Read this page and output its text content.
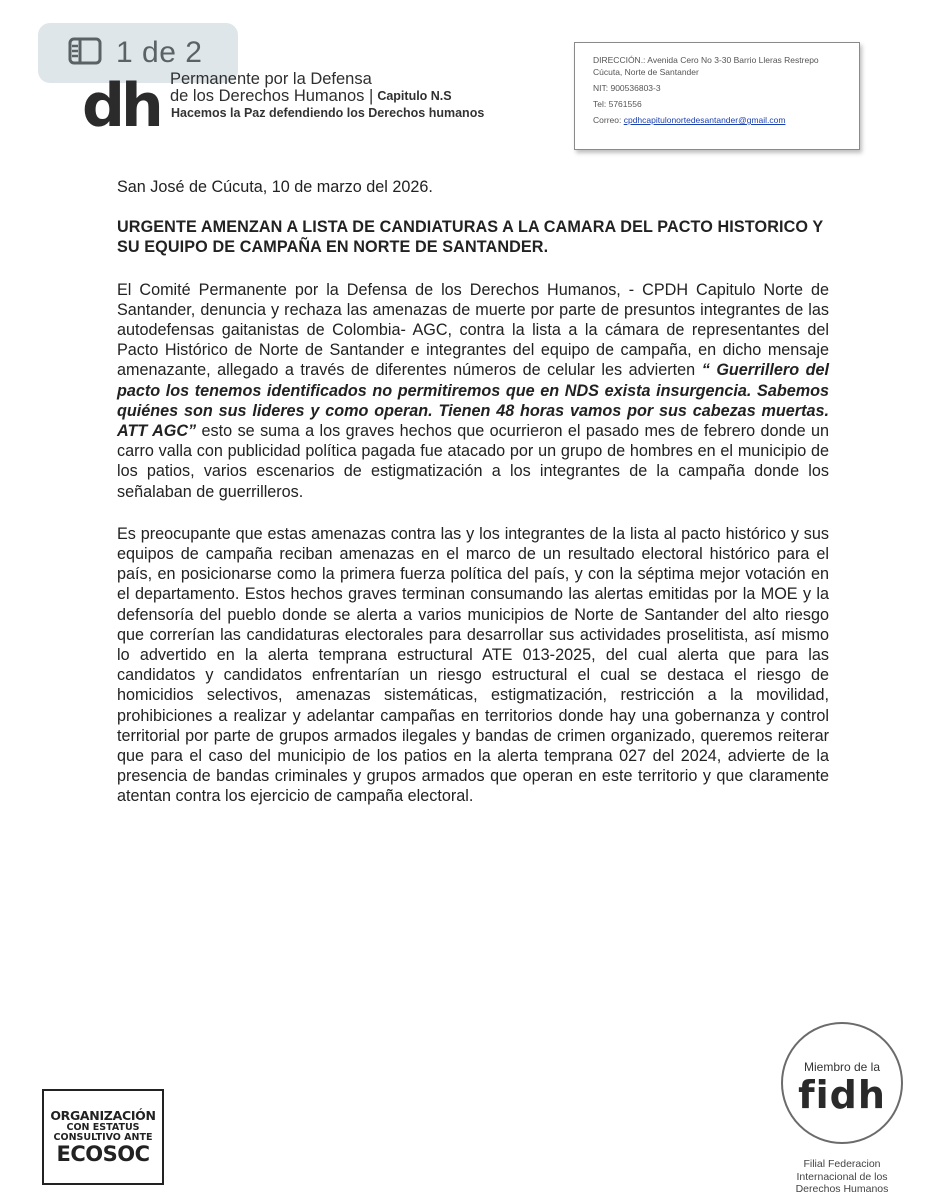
1 de 2
dh Permanente por la Defensa
de los Derechos Humanos | Capitulo N.S
Hacemos la Paz defendiendo los Derechos humanos
DIRECCIÓN.: Avenida Cero No 3-30 Barrio Lleras Restrepo
Cúcuta, Norte de Santander
NIT: 900536803-3
Tel: 5761556
Correo: cpdhcapitulonortedesantander@gmail.com

San José de Cúcuta, 10 de marzo del 2026.

URGENTE AMENZAN A LISTA DE CANDIATURAS A LA CAMARA DEL PACTO HISTORICO Y SU EQUIPO DE CAMPAÑA EN NORTE DE SANTANDER.

El Comité Permanente por la Defensa de los Derechos Humanos, - CPDH Capitulo Norte de Santander, denuncia y rechaza las amenazas de muerte por parte de presuntos integrantes de las autodefensas gaitanistas de Colombia- AGC, contra la lista a la cámara de representantes del Pacto Histórico de Norte de Santander e integrantes del equipo de campaña, en dicho mensaje amenazante, allegado a través de diferentes números de celular les advierten “ Guerrillero del pacto los tenemos identificados no permitiremos que en NDS exista insurgencia. Sabemos quiénes son sus lideres y como operan. Tienen 48 horas vamos por sus cabezas muertas. ATT AGC” esto se suma a los graves hechos que ocurrieron el pasado mes de febrero donde un carro valla con publicidad política pagada fue atacado por un grupo de hombres en el municipio de los patios, varios escenarios de estigmatización a los integrantes de la campaña donde los señalaban de guerrilleros.

Es preocupante que estas amenazas contra las y los integrantes de la lista al pacto histórico y sus equipos de campaña reciban amenazas en el marco de un resultado electoral histórico para el país, en posicionarse como la primera fuerza política del país, y con la séptima mejor votación en el departamento. Estos hechos graves terminan consumando las alertas emitidas por la MOE y la defensoría del pueblo donde se alerta a varios municipios de Norte de Santander del alto riesgo que correrían las candidaturas electorales para desarrollar sus actividades proselitista, así mismo lo advertido en la alerta temprana estructural ATE 013-2025, del cual alerta que para las candidatos y candidatos enfrentarían un riesgo estructural el cual se destaca el riesgo de homicidios selectivos, amenazas sistemáticas, estigmatización, restricción a la movilidad, prohibiciones a realizar y adelantar campañas en territorios donde hay una gobernanza y control territorial por parte de grupos armados ilegales y bandas de crimen organizado, queremos reiterar que para el caso del municipio de los patios en la alerta temprana 027 del 2024, advierte de la presencia de bandas criminales y grupos armados que operan en este territorio y que claramente atentan contra los ejercicio de campaña electoral.

ORGANIZACIÓN
CON ESTATUS
CONSULTIVO ANTE
ECOSOC
Miembro de la
fidh
Filial Federacion
Internacional de los
Derechos Humanos
